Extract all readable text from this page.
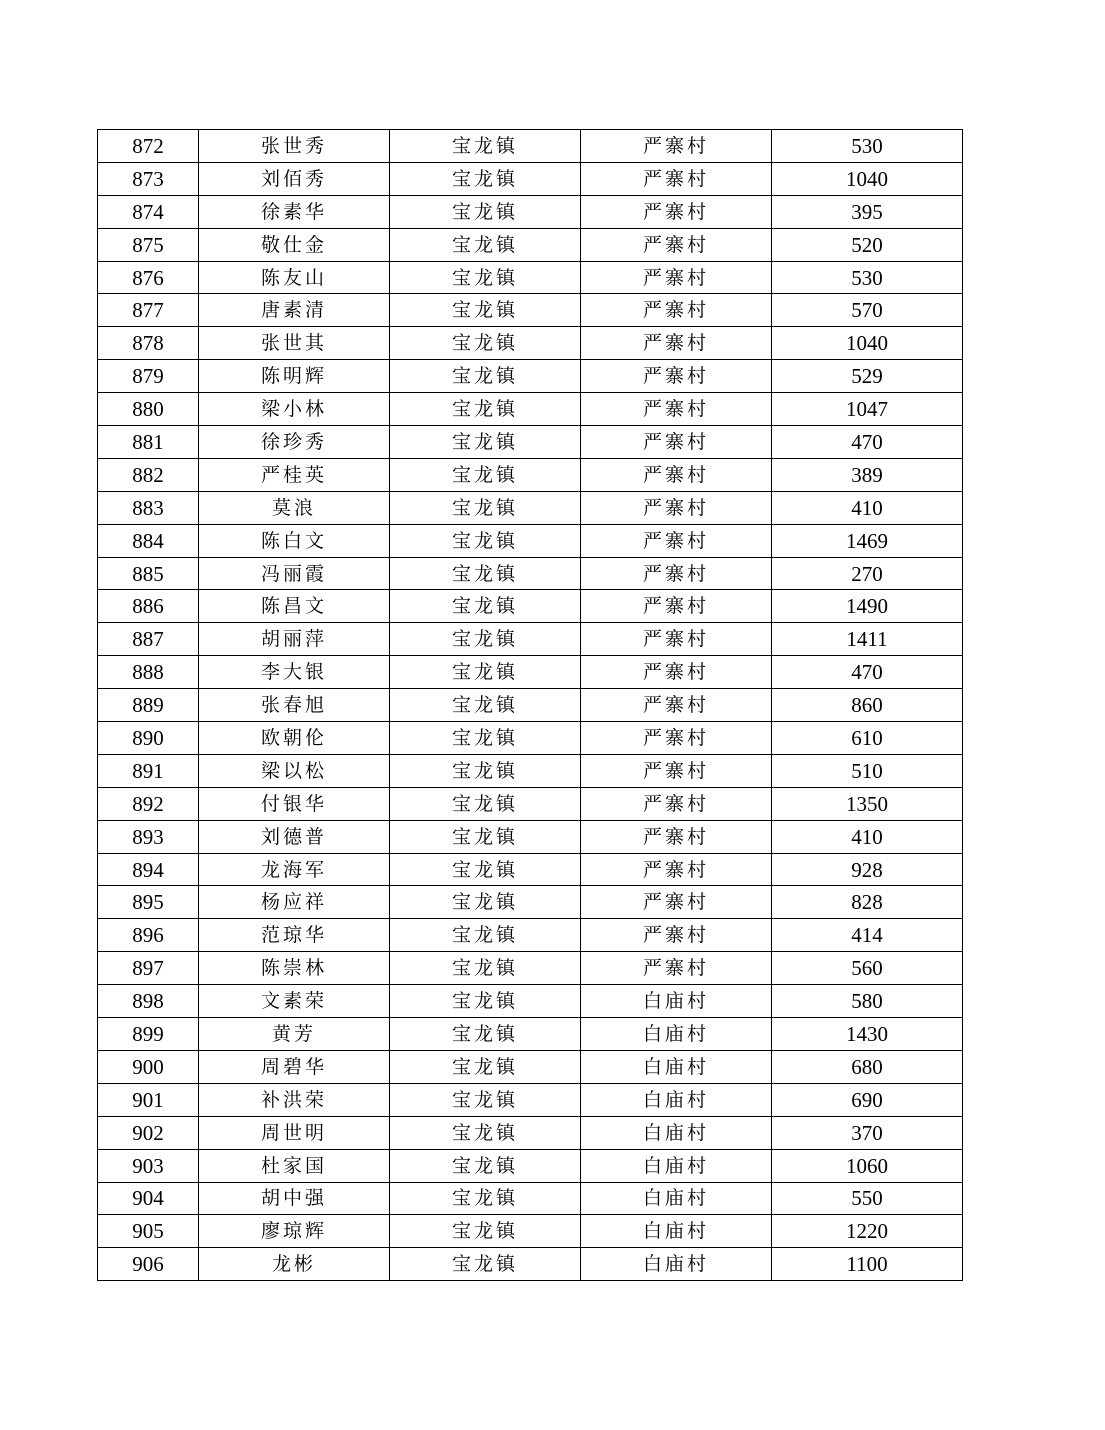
872	张世秀	宝龙镇	严寨村	530
873	刘佰秀	宝龙镇	严寨村	1040
874	徐素华	宝龙镇	严寨村	395
875	敬仕金	宝龙镇	严寨村	520
876	陈友山	宝龙镇	严寨村	530
877	唐素清	宝龙镇	严寨村	570
878	张世其	宝龙镇	严寨村	1040
879	陈明辉	宝龙镇	严寨村	529
880	梁小林	宝龙镇	严寨村	1047
881	徐珍秀	宝龙镇	严寨村	470
882	严桂英	宝龙镇	严寨村	389
883	莫浪	宝龙镇	严寨村	410
884	陈白文	宝龙镇	严寨村	1469
885	冯丽霞	宝龙镇	严寨村	270
886	陈昌文	宝龙镇	严寨村	1490
887	胡丽萍	宝龙镇	严寨村	1411
888	李大银	宝龙镇	严寨村	470
889	张春旭	宝龙镇	严寨村	860
890	欧朝伦	宝龙镇	严寨村	610
891	梁以松	宝龙镇	严寨村	510
892	付银华	宝龙镇	严寨村	1350
893	刘德普	宝龙镇	严寨村	410
894	龙海军	宝龙镇	严寨村	928
895	杨应祥	宝龙镇	严寨村	828
896	范琼华	宝龙镇	严寨村	414
897	陈崇林	宝龙镇	严寨村	560
898	文素荣	宝龙镇	白庙村	580
899	黄芳	宝龙镇	白庙村	1430
900	周碧华	宝龙镇	白庙村	680
901	补洪荣	宝龙镇	白庙村	690
902	周世明	宝龙镇	白庙村	370
903	杜家国	宝龙镇	白庙村	1060
904	胡中强	宝龙镇	白庙村	550
905	廖琼辉	宝龙镇	白庙村	1220
906	龙彬	宝龙镇	白庙村	1100
